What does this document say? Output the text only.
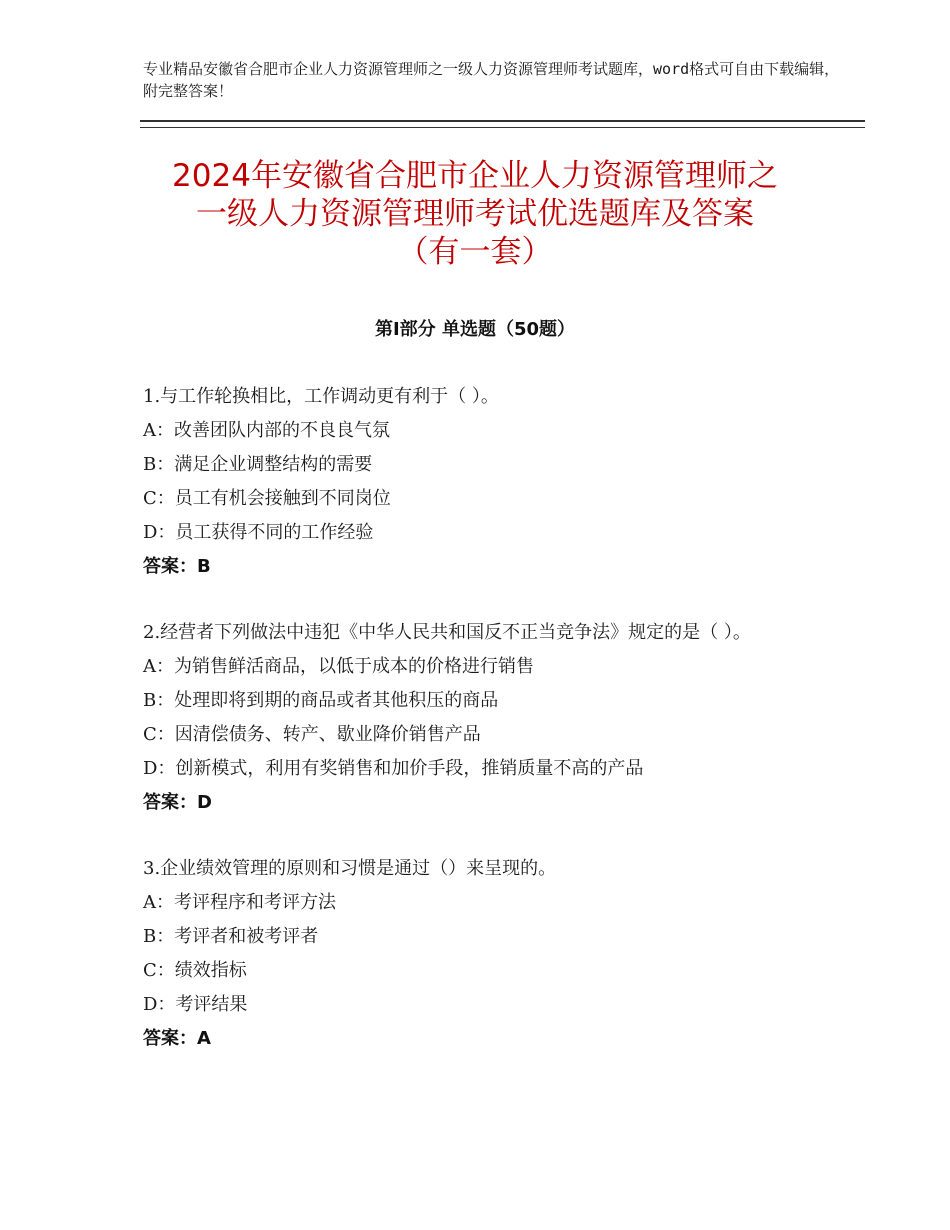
专业精品安徽省合肥市企业人力资源管理师之一级人力资源管理师考试题库，word格式可自由下载编辑，附完整答案！
2024年安徽省合肥市企业人力资源管理师之
一级人力资源管理师考试优选题库及答案
（有一套）
第Ⅰ部分 单选题（50题）
1.与工作轮换相比，工作调动更有利于（ ）。
A：改善团队内部的不良良气氛
B：满足企业调整结构的需要
C：员工有机会接触到不同岗位
D：员工获得不同的工作经验
答案：B
2.经营者下列做法中违犯《中华人民共和国反不正当竞争法》规定的是（ ）。
A：为销售鲜活商品，以低于成本的价格进行销售
B：处理即将到期的商品或者其他积压的商品
C：因清偿债务、转产、歇业降价销售产品
D：创新模式，利用有奖销售和加价手段，推销质量不高的产品
答案：D
3.企业绩效管理的原则和习惯是通过（）来呈现的。
A：考评程序和考评方法
B：考评者和被考评者
C：绩效指标
D：考评结果
答案：A
